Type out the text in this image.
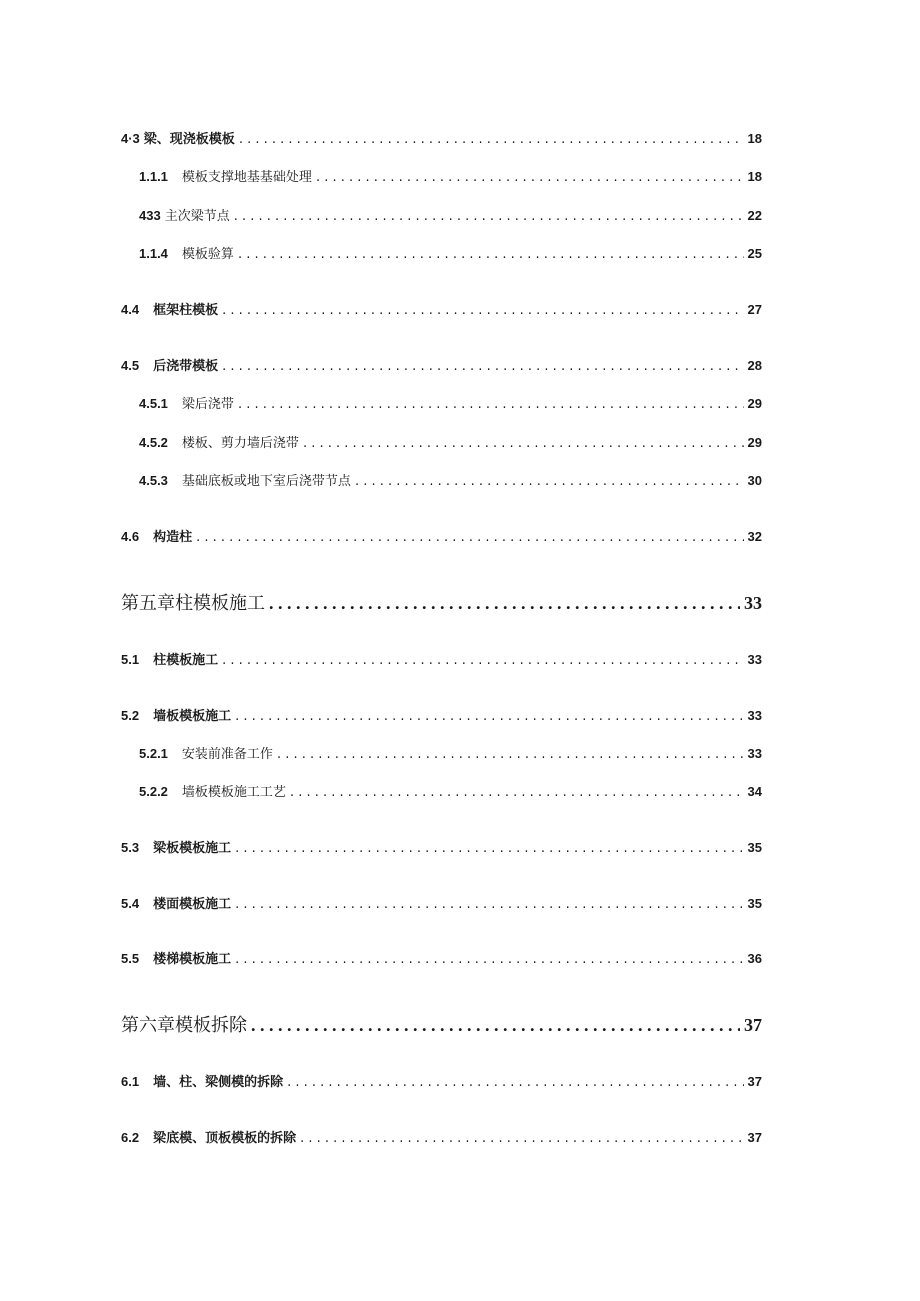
4·3 梁、现浇板模板 . . .	18
1.1.1 模板支撑地基基础处理 . . .	18
433 主次梁节点 . . .	22
1.1.4 模板验算 . . .	25
4.4 框架柱模板 . . .	27
4.5 后浇带模板 . . .	28
4.5.1 梁后浇带 . . .	29
4.5.2 楼板、剪力墙后浇带 . . .	29
4.5.3 基础底板或地下室后浇带节点 . . .	30
4.6 构造柱 . . .	32
第五章柱模板施工 . . .	33
5.1 柱模板施工 . . .	33
5.2 墙板模板施工 . . .	33
5.2.1 安装前准备工作 . . .	33
5.2.2 墙板模板施工工艺 . . .	34
5.3 梁板模板施工 . . .	35
5.4 楼面模板施工 . . .	35
5.5 楼梯模板施工 . . .	36
第六章模板拆除 . . .	37
6.1 墙、柱、梁侧模的拆除 . . .	37
6.2 梁底模、顶板模板的拆除 . . .	37
